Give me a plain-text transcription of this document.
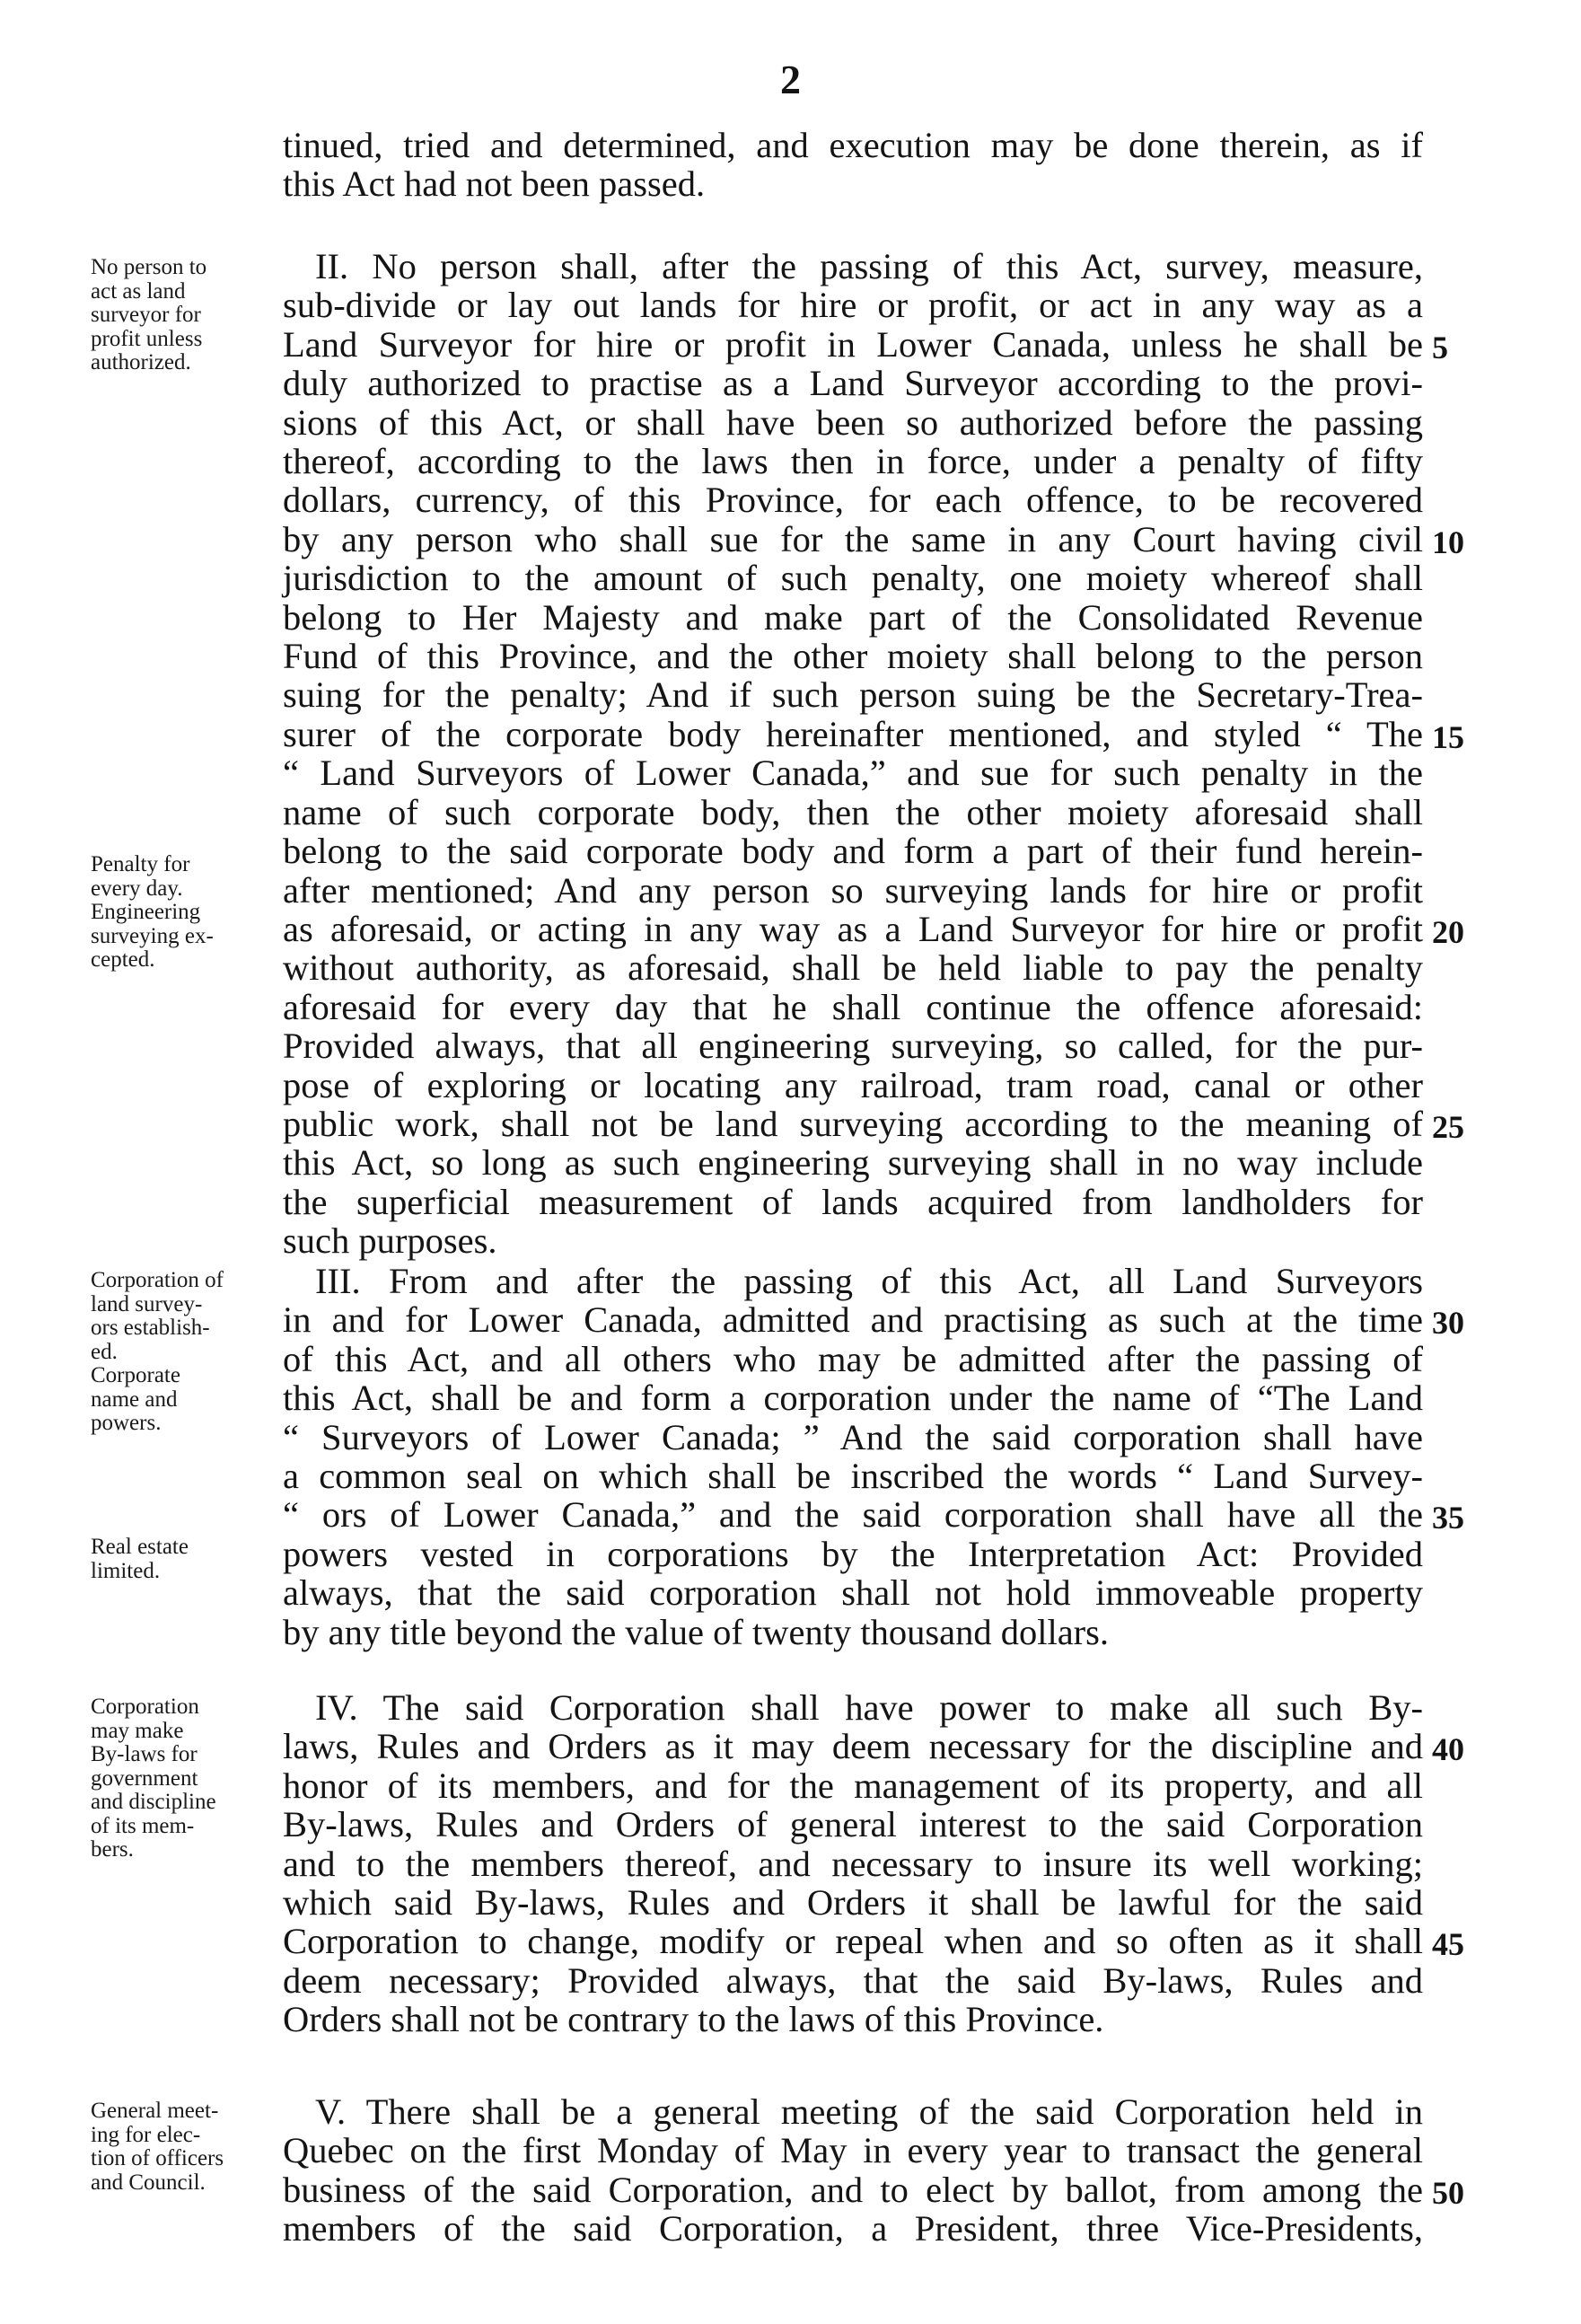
2
tinued, tried and determined, and execution may be done therein, as if
this Act had not been passed.
No person to
act as land
surveyor for
profit unless
authorized.
Penalty for
every day.
Engineering
surveying ex-
cepted.
II. No person shall, after the passing of this Act, survey, measure,
sub-divide or lay out lands for hire or profit, or act in any way as a
Land Surveyor for hire or profit in Lower Canada, unless he shall be
duly authorized to practise as a Land Surveyor according to the provi-
sions of this Act, or shall have been so authorized before the passing
thereof, according to the laws then in force, under a penalty of fifty
dollars, currency, of this Province, for each offence, to be recovered
by any person who shall sue for the same in any Court having civil
jurisdiction to the amount of such penalty, one moiety whereof shall
belong to Her Majesty and make part of the Consolidated Revenue
Fund of this Province, and the other moiety shall belong to the person
suing for the penalty; And if such person suing be the Secretary-Trea-
surer of the corporate body hereinafter mentioned, and styled “ The
“ Land Surveyors of Lower Canada,” and sue for such penalty in the
name of such corporate body, then the other moiety aforesaid shall
belong to the said corporate body and form a part of their fund herein-
after mentioned; And any person so surveying lands for hire or profit
as aforesaid, or acting in any way as a Land Surveyor for hire or profit
without authority, as aforesaid, shall be held liable to pay the penalty
aforesaid for every day that he shall continue the offence aforesaid:
Provided always, that all engineering surveying, so called, for the pur-
pose of exploring or locating any railroad, tram road, canal or other
public work, shall not be land surveying according to the meaning of
this Act, so long as such engineering surveying shall in no way include
the superficial measurement of lands acquired from landholders for
such purposes.
5
10
15
20
25
Corporation of
land survey-
ors establish-
ed.
Corporate
name and
powers.
Real estate
limited.
III. From and after the passing of this Act, all Land Surveyors
in and for Lower Canada, admitted and practising as such at the time
of this Act, and all others who may be admitted after the passing of
this Act, shall be and form a corporation under the name of “The Land
“ Surveyors of Lower Canada; ” And the said corporation shall have
a common seal on which shall be inscribed the words “ Land Survey-
“ ors of Lower Canada,” and the said corporation shall have all the
powers vested in corporations by the Interpretation Act: Provided
always, that the said corporation shall not hold immoveable property
by any title beyond the value of twenty thousand dollars.
30
35
Corporation
may make
By-laws for
government
and discipline
of its mem-
bers.
IV. The said Corporation shall have power to make all such By-
laws, Rules and Orders as it may deem necessary for the discipline and
honor of its members, and for the management of its property, and all
By-laws, Rules and Orders of general interest to the said Corporation
and to the members thereof, and necessary to insure its well working;
which said By-laws, Rules and Orders it shall be lawful for the said
Corporation to change, modify or repeal when and so often as it shall
deem necessary; Provided always, that the said By-laws, Rules and
Orders shall not be contrary to the laws of this Province.
40
45
General meet-
ing for elec-
tion of officers
and Council.
V. There shall be a general meeting of the said Corporation held in
Quebec on the first Monday of May in every year to transact the general
business of the said Corporation, and to elect by ballot, from among the
members of the said Corporation, a President, three Vice-Presidents,
50
